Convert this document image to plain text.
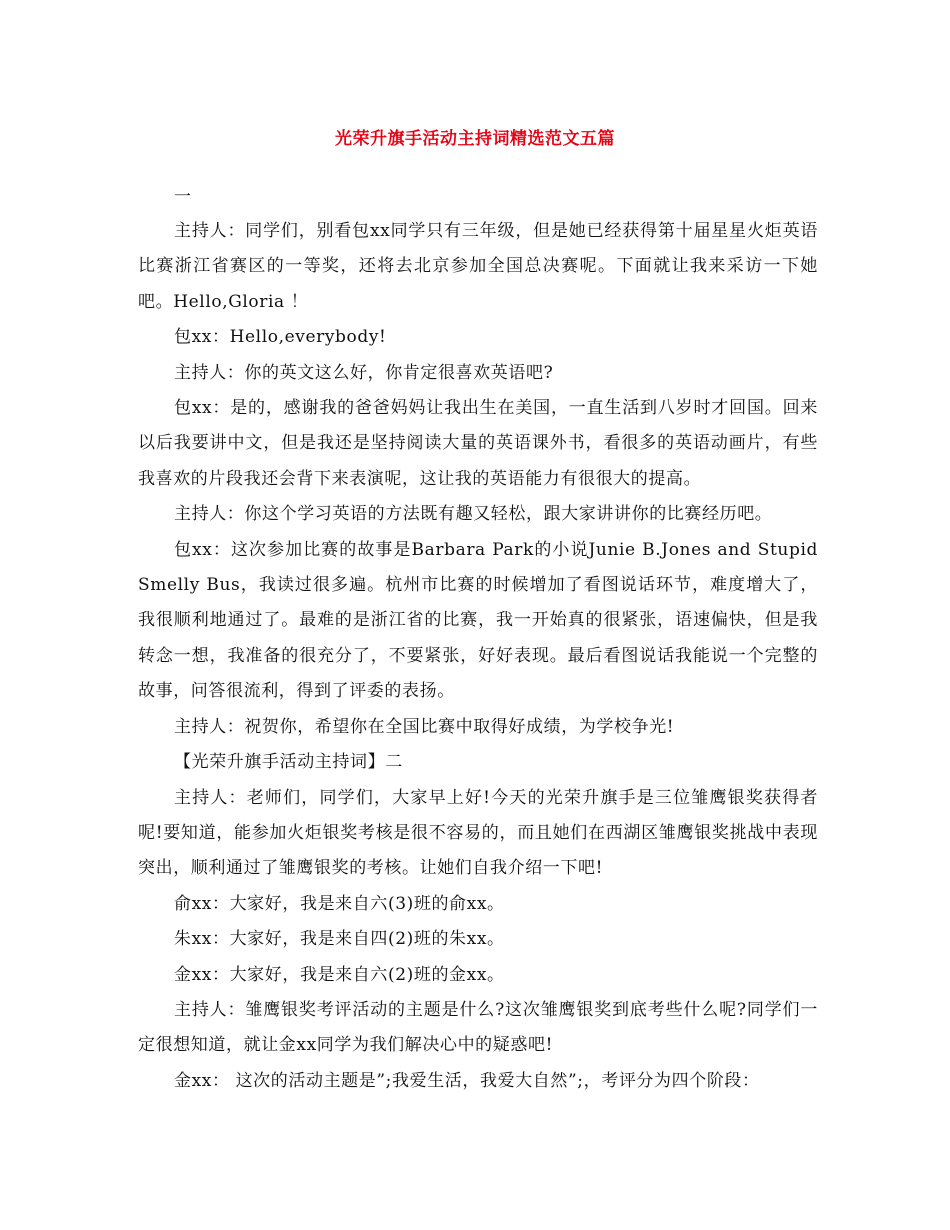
光荣升旗手活动主持词精选范文五篇

一

主持人：同学们，别看包xx同学只有三年级，但是她已经获得第十届星星火炬英语比赛浙江省赛区的一等奖，还将去北京参加全国总决赛呢。下面就让我来采访一下她吧。Hello,Gloria ！

包xx：Hello,everybody!

主持人：你的英文这么好，你肯定很喜欢英语吧?

包xx：是的，感谢我的爸爸妈妈让我出生在美国，一直生活到八岁时才回国。回来以后我要讲中文，但是我还是坚持阅读大量的英语课外书，看很多的英语动画片，有些我喜欢的片段我还会背下来表演呢，这让我的英语能力有很很大的提高。

主持人：你这个学习英语的方法既有趣又轻松，跟大家讲讲你的比赛经历吧。

包xx：这次参加比赛的故事是Barbara Park的小说Junie B.Jones and Stupid Smelly Bus，我读过很多遍。杭州市比赛的时候增加了看图说话环节，难度增大了，我很顺利地通过了。最难的是浙江省的比赛，我一开始真的很紧张，语速偏快，但是我转念一想，我准备的很充分了，不要紧张，好好表现。最后看图说话我能说一个完整的故事，问答很流利，得到了评委的表扬。

主持人：祝贺你，希望你在全国比赛中取得好成绩，为学校争光!

【光荣升旗手活动主持词】二

主持人：老师们，同学们，大家早上好!今天的光荣升旗手是三位雏鹰银奖获得者呢!要知道，能参加火炬银奖考核是很不容易的，而且她们在西湖区雏鹰银奖挑战中表现突出，顺利通过了雏鹰银奖的考核。让她们自我介绍一下吧!

俞xx：大家好，我是来自六(3)班的俞xx。

朱xx：大家好，我是来自四(2)班的朱xx。

金xx：大家好，我是来自六(2)班的金xx。

主持人：雏鹰银奖考评活动的主题是什么?这次雏鹰银奖到底考些什么呢?同学们一定很想知道，就让金xx同学为我们解决心中的疑惑吧!

金xx： 这次的活动主题是”;我爱生活，我爱大自然”;，考评分为四个阶段：
